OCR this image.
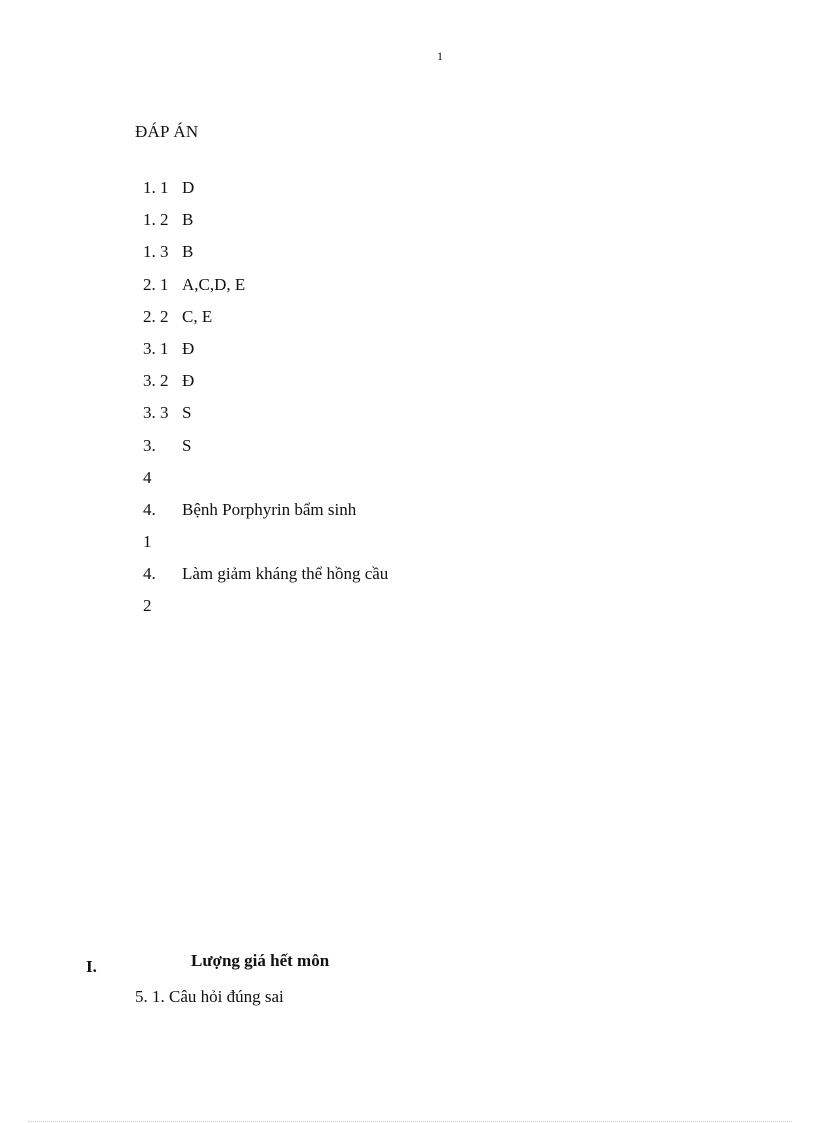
1
ĐÁP ÁN
1. 1 D
1. 2 B
1. 3 B
2. 1 A,C,D, E
2. 2 C, E
3. 1 Đ
3. 2 Đ
3. 3 S
3. S
4
4. Bệnh Porphyrin bẩm sinh
1
4. Làm giảm kháng thể hồng cầu
2
I.	Lượng giá hết môn
5. 1. Câu hỏi đúng sai
